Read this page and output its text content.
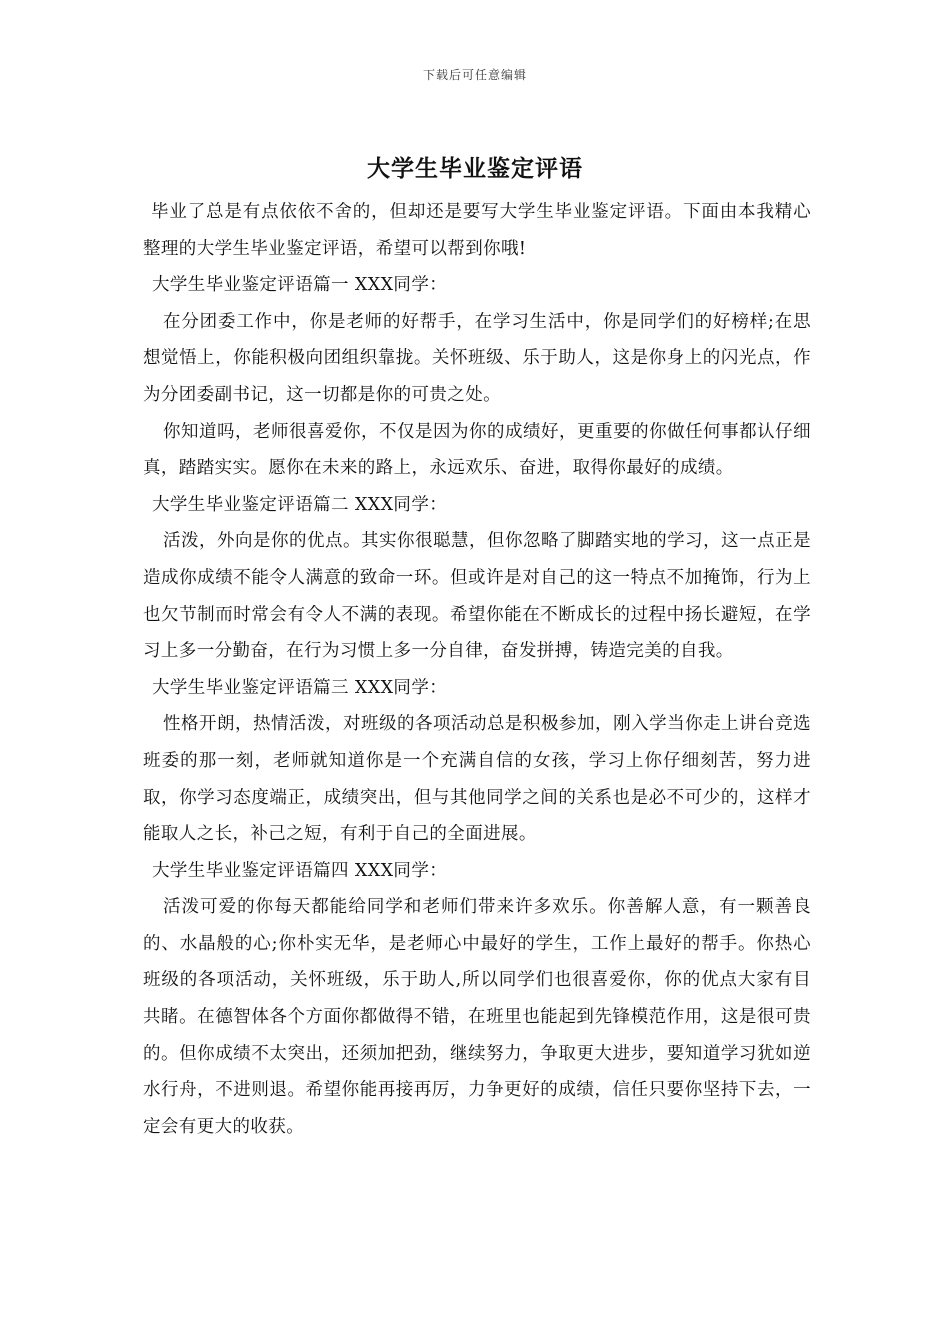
下载后可任意编辑
大学生毕业鉴定评语

毕业了总是有点依依不舍的，但却还是要写大学生毕业鉴定评语。下面由本我精心整理的大学生毕业鉴定评语，希望可以帮到你哦!

大学生毕业鉴定评语篇一 XXX同学：

在分团委工作中，你是老师的好帮手，在学习生活中，你是同学们的好榜样;在思想觉悟上，你能积极向团组织靠拢。关怀班级、乐于助人，这是你身上的闪光点，作为分团委副书记，这一切都是你的可贵之处。

你知道吗，老师很喜爱你，不仅是因为你的成绩好，更重要的你做任何事都认仔细真，踏踏实实。愿你在未来的路上，永远欢乐、奋进，取得你最好的成绩。

大学生毕业鉴定评语篇二 XXX同学：

活泼，外向是你的优点。其实你很聪慧，但你忽略了脚踏实地的学习，这一点正是造成你成绩不能令人满意的致命一环。但或许是对自己的这一特点不加掩饰，行为上也欠节制而时常会有令人不满的表现。希望你能在不断成长的过程中扬长避短，在学习上多一分勤奋，在行为习惯上多一分自律，奋发拼搏，铸造完美的自我。

大学生毕业鉴定评语篇三 XXX同学：

性格开朗，热情活泼，对班级的各项活动总是积极参加，刚入学当你走上讲台竞选班委的那一刻，老师就知道你是一个充满自信的女孩，学习上你仔细刻苦，努力进取，你学习态度端正，成绩突出，但与其他同学之间的关系也是必不可少的，这样才能取人之长，补己之短，有利于自己的全面进展。

大学生毕业鉴定评语篇四 XXX同学：

活泼可爱的你每天都能给同学和老师们带来许多欢乐。你善解人意，有一颗善良的、水晶般的心;你朴实无华，是老师心中最好的学生，工作上最好的帮手。你热心班级的各项活动，关怀班级，乐于助人,所以同学们也很喜爱你，你的优点大家有目共睹。在德智体各个方面你都做得不错，在班里也能起到先锋模范作用，这是很可贵的。但你成绩不太突出，还须加把劲，继续努力，争取更大进步，要知道学习犹如逆水行舟，不进则退。希望你能再接再厉，力争更好的成绩，信任只要你坚持下去，一定会有更大的收获。
